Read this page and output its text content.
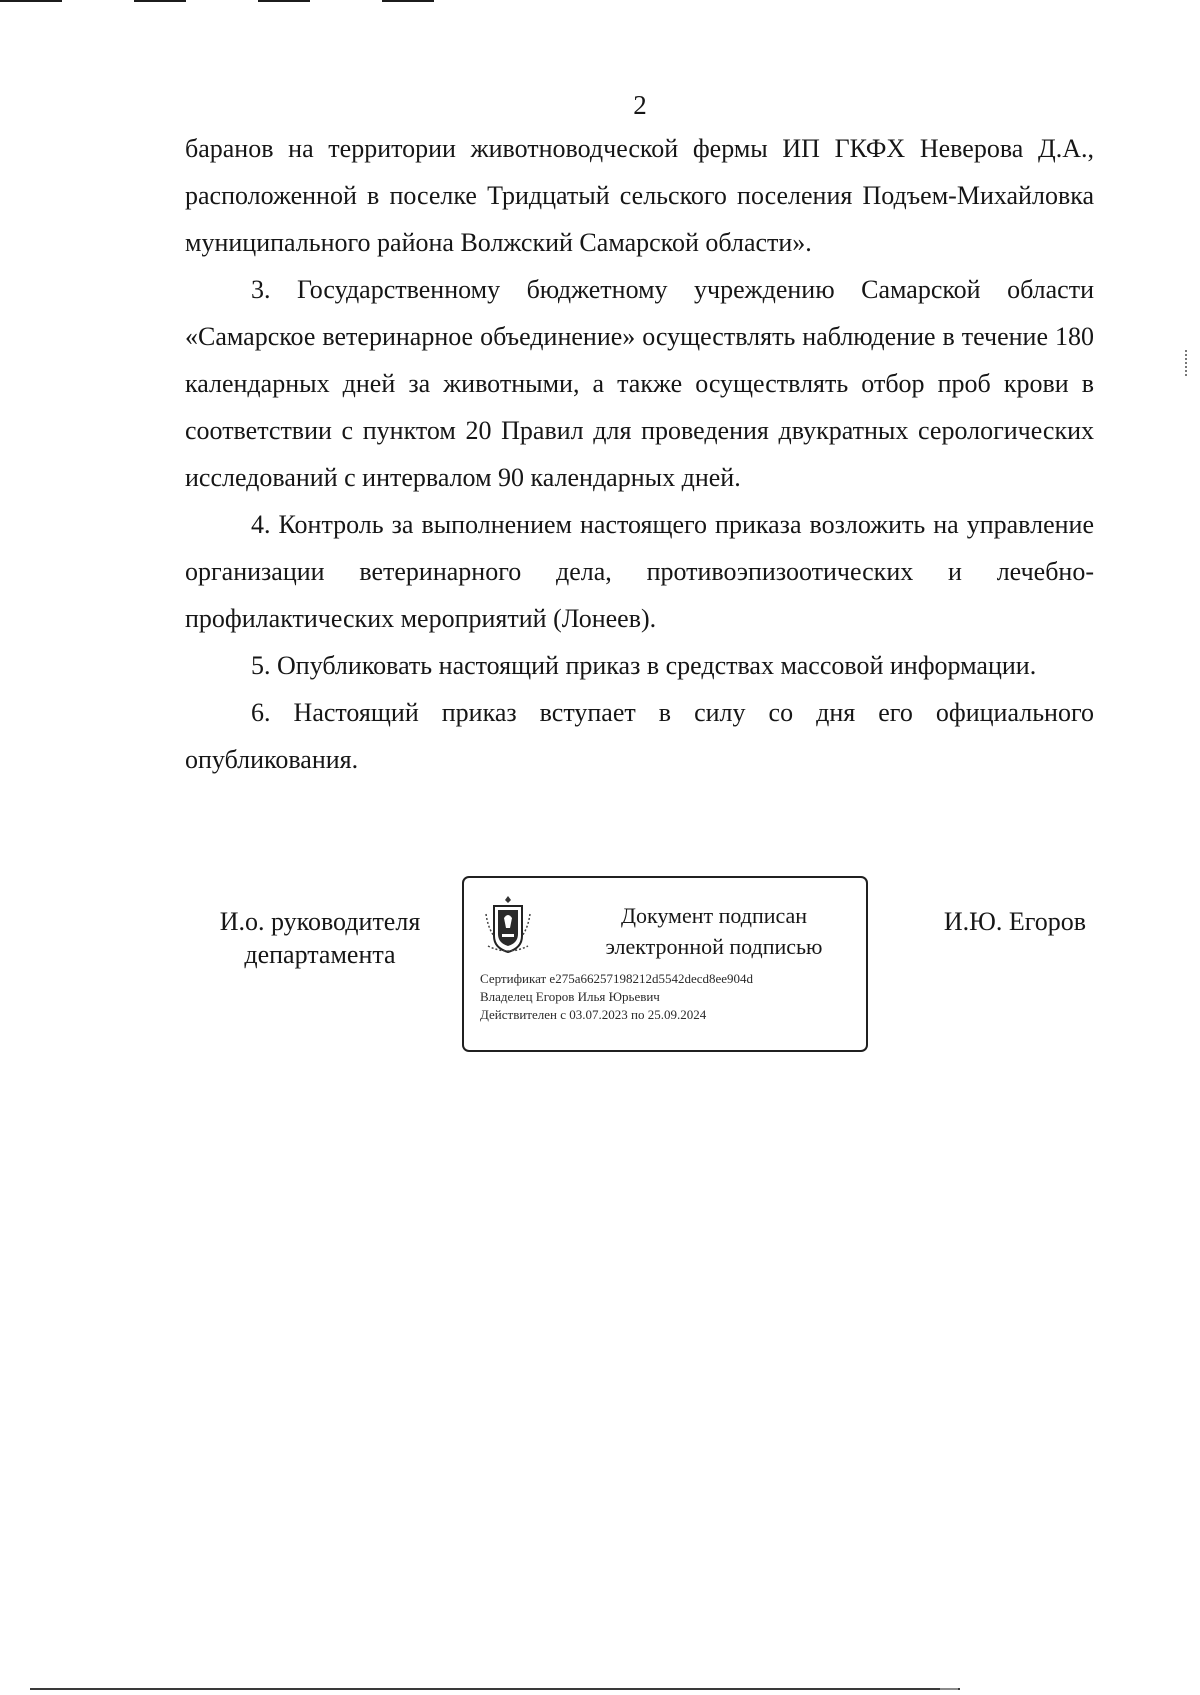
2

баранов на территории животноводческой фермы ИП ГКФХ Неверова Д.А., расположенной в поселке Тридцатый сельского поселения Подъем-Михайловка муниципального района Волжский Самарской области».

3. Государственному бюджетному учреждению Самарской области «Самарское ветеринарное объединение» осуществлять наблюдение в течение 180 календарных дней за животными, а также осуществлять отбор проб крови в соответствии с пунктом 20 Правил для проведения двукратных серологических исследований с интервалом 90 календарных дней.

4. Контроль за выполнением настоящего приказа возложить на управление организации ветеринарного дела, противоэпизоотических и лечебно-профилактических мероприятий (Лонеев).

5. Опубликовать настоящий приказ в средствах массовой информации.

6. Настоящий приказ вступает в силу со дня его официального опубликования.

И.о. руководителя
департамента
Документ подписан
электронной подписью
Сертификат e275a66257198212d5542decd8ee904d
Владелец Егоров Илья Юрьевич
Действителен с 03.07.2023 по 25.09.2024
И.Ю. Егоров
